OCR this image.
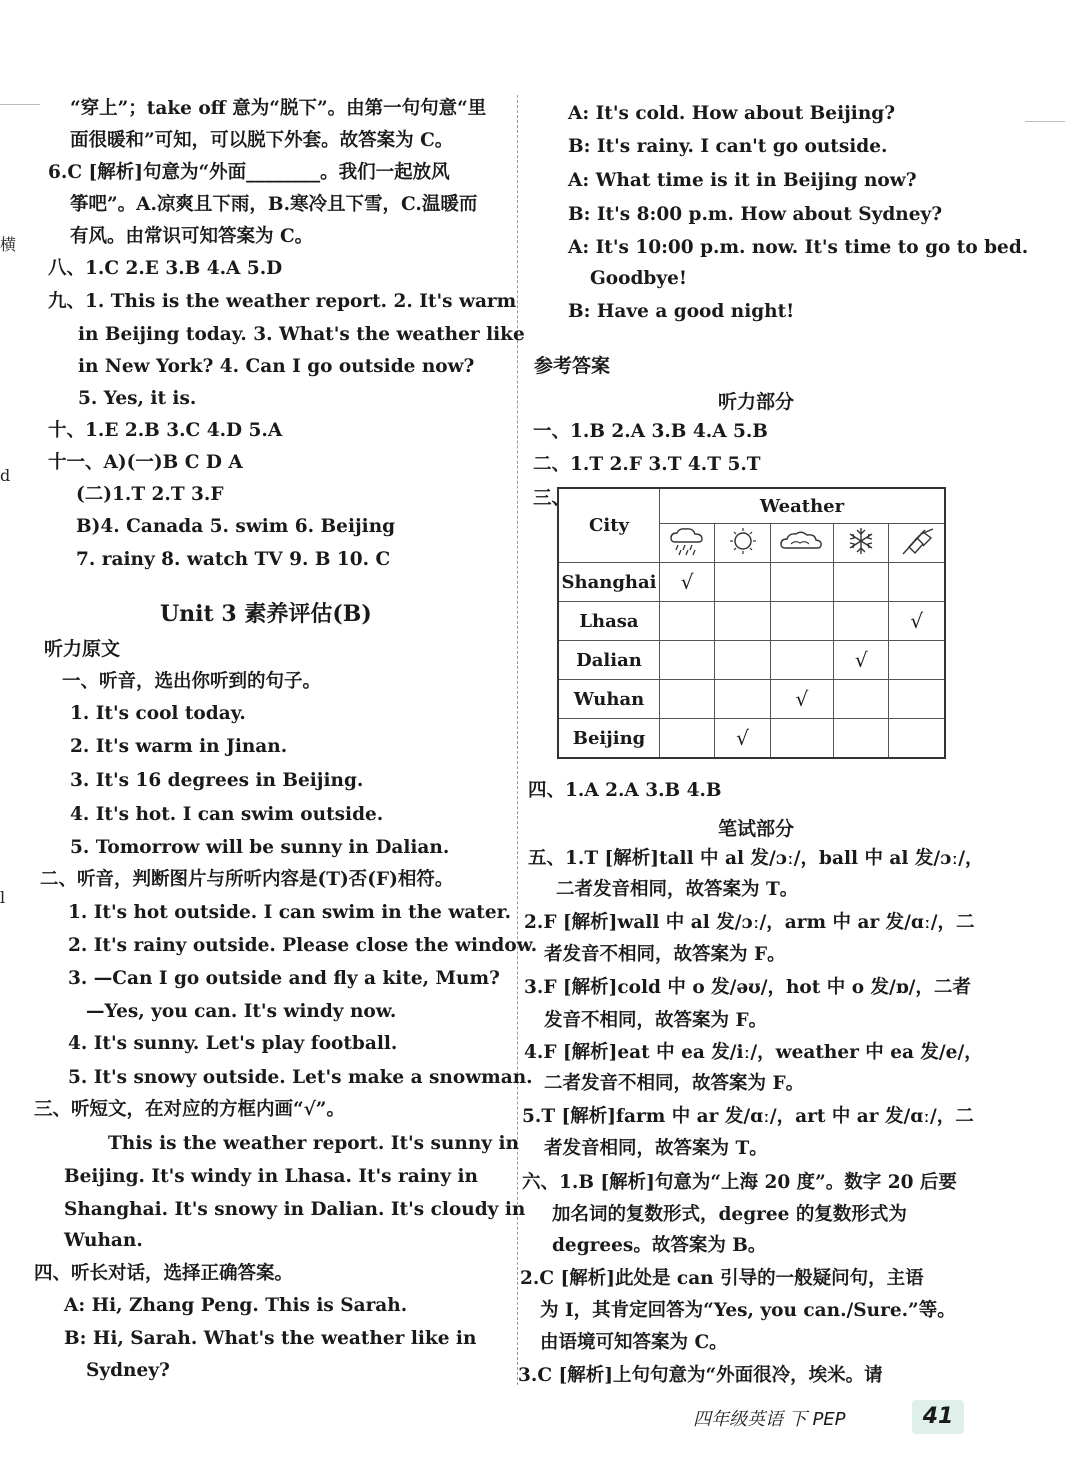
横
d
l
“穿上”；take off 意为“脱下”。由第一句句意“里
面很暖和”可知，可以脱下外套。故答案为 C。
6.C [解析]句意为“外面________。我们一起放风
筝吧”。A.凉爽且下雨，B.寒冷且下雪，C.温暖而
有风。由常识可知答案为 C。
八、1.C 2.E 3.B 4.A 5.D
九、1. This is the weather report. 2. It's warm
in Beijing today. 3. What's the weather like
in New York? 4. Can I go outside now?
5. Yes, it is.
十、1.E 2.B 3.C 4.D 5.A
十一、A)(一)B C D A
(二)1.T 2.T 3.F
B)4. Canada 5. swim 6. Beijing
7. rainy 8. watch TV 9. B 10. C
一、听音，选出你听到的句子。
1. It's cool today.
2. It's warm in Jinan.
3. It's 16 degrees in Beijing.
4. It's hot. I can swim outside.
5. Tomorrow will be sunny in Dalian.
二、听音，判断图片与所听内容是(T)否(F)相符。
1. It's hot outside. I can swim in the water.
2. It's rainy outside. Please close the window.
3. —Can I go outside and fly a kite, Mum?
—Yes, you can. It's windy now.
4. It's sunny. Let's play football.
5. It's snowy outside. Let's make a snowman.
三、听短文，在对应的方框内画“√”。
This is the weather report. It's sunny in
Beijing. It's windy in Lhasa. It's rainy in
Shanghai. It's snowy in Dalian. It's cloudy in
Wuhan.
四、听长对话，选择正确答案。
A: Hi, Zhang Peng. This is Sarah.
B: Hi, Sarah. What's the weather like in
Sydney?
Unit 3 素养评估(B)
听力原文
A: It's cold. How about Beijing?
B: It's rainy. I can't go outside.
A: What time is it in Beijing now?
B: It's 8:00 p.m. How about Sydney?
A: It's 10:00 p.m. now. It's time to go to bed.
Goodbye!
B: Have a good night!
参考答案
听力部分
一、1.B 2.A 3.B 4.A 5.B
二、1.T 2.F 3.T 4.T 5.T
三、
四、1.A 2.A 3.B 4.B
City	Weather				

Shanghai	√				
Lhasa					√
Dalian				√	
Wuhan			√		
Beijing		√			
笔试部分
五、1.T [解析]tall 中 al 发/ɔː/，ball 中 al 发/ɔː/，
二者发音相同，故答案为 T。
2.F [解析]wall 中 al 发/ɔː/，arm 中 ar 发/ɑː/，二
者发音不相同，故答案为 F。
3.F [解析]cold 中 o 发/əʊ/，hot 中 o 发/ɒ/，二者
发音不相同，故答案为 F。
4.F [解析]eat 中 ea 发/iː/，weather 中 ea 发/e/，
二者发音不相同，故答案为 F。
5.T [解析]farm 中 ar 发/ɑː/，art 中 ar 发/ɑː/，二
者发音相同，故答案为 T。
六、1.B [解析]句意为“上海 20 度”。数字 20 后要
加名词的复数形式，degree 的复数形式为
degrees。故答案为 B。
2.C [解析]此处是 can 引导的一般疑问句，主语
为 I，其肯定回答为“Yes, you can./Sure.”等。
由语境可知答案为 C。
3.C [解析]上句句意为“外面很冷，埃米。请
四年级英语 下 PEP	41
